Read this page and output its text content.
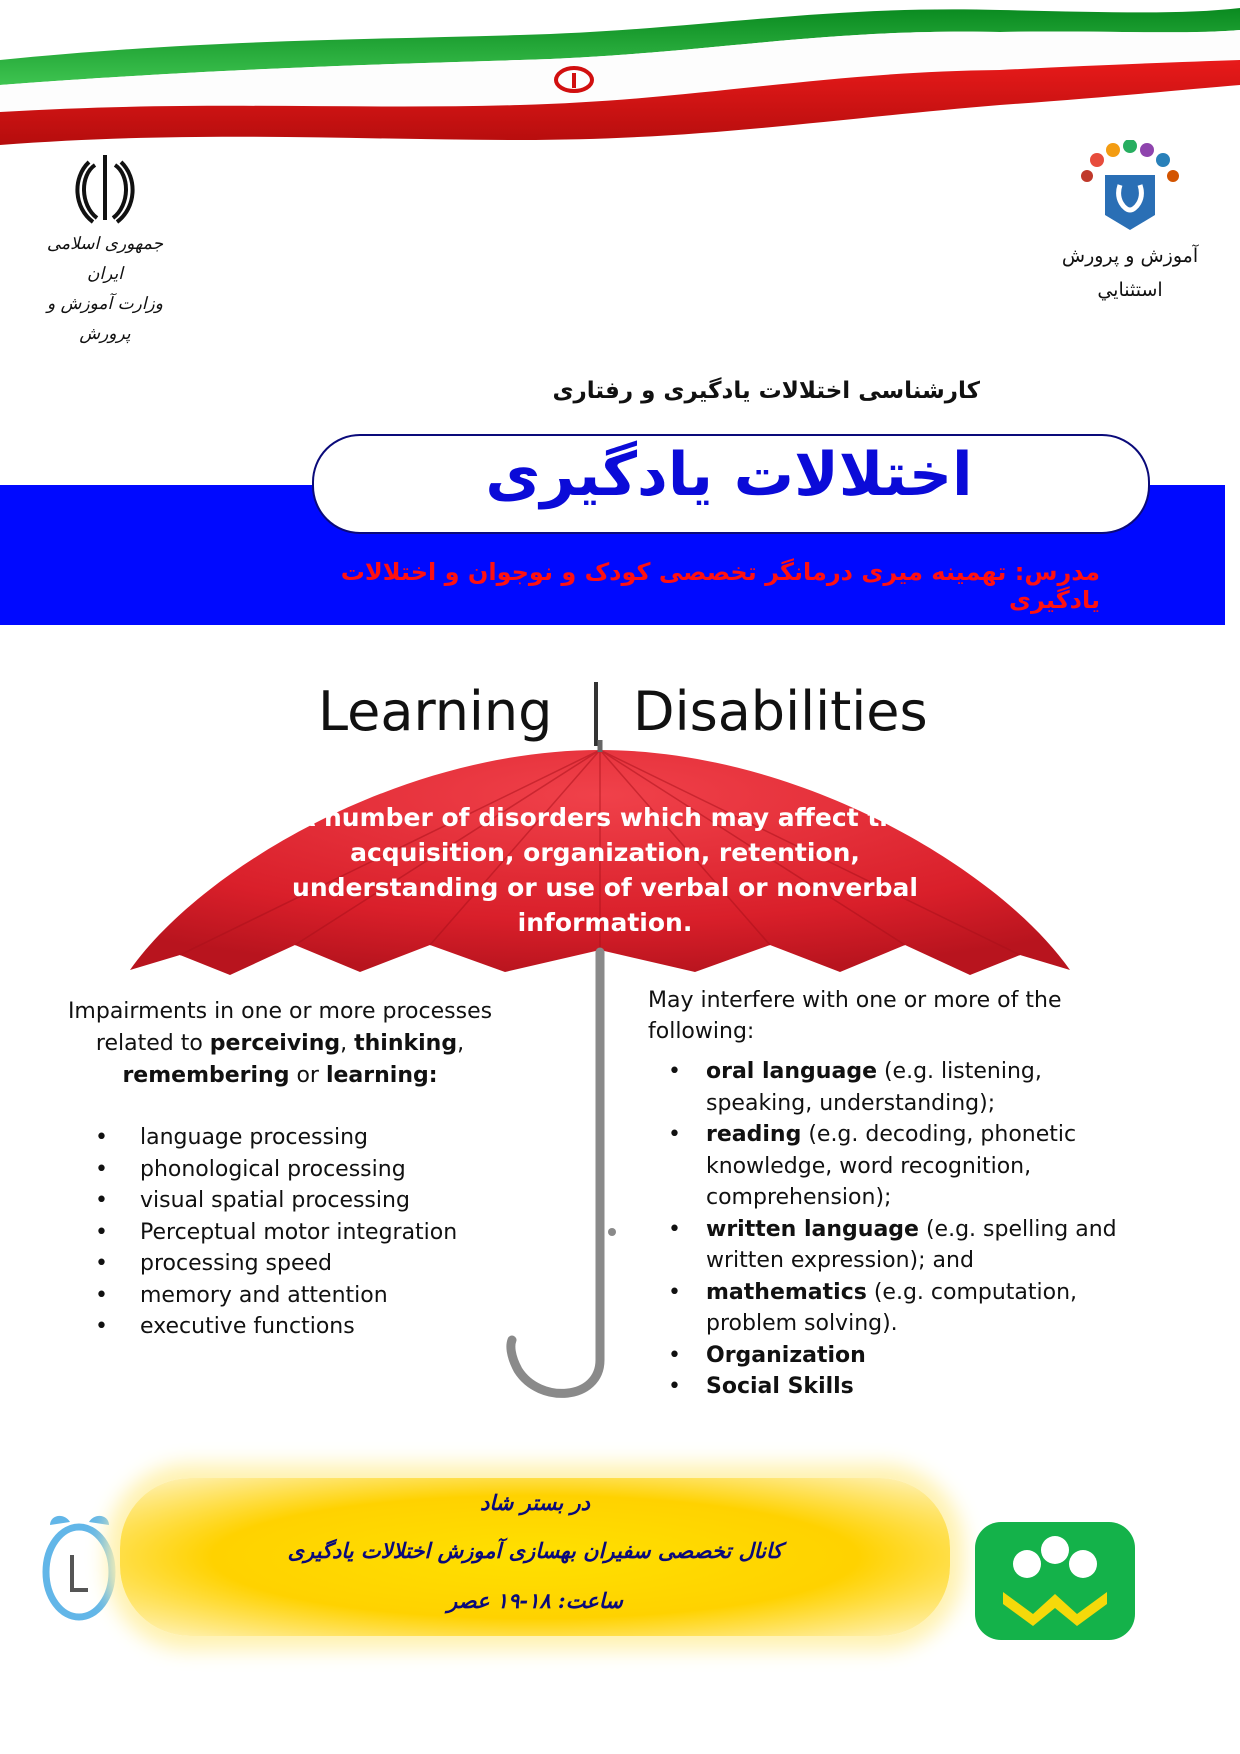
جمهوری اسلامی ایران
وزارت آموزش و پرورش
آموزش و پرورش
استثنايي
کارشناسی اختلالات یادگیری و رفتاری
اختلالات یادگیری
مدرس: تهمینه میری درمانگر تخصصی کودک و نوجوان و اختلالات یادگیری
Learning Disabilities
A number of disorders which may affect the acquisition, organization, retention, understanding or use of verbal or nonverbal information.
Impairments in one or more processes related to perceiving, thinking,
remembering or learning:
• language processing
• phonological processing
• visual spatial processing
• Perceptual motor integration
• processing speed
• memory and attention
• executive functions
May interfere with one or more of the following:
• oral language (e.g. listening, speaking, understanding);
• reading (e.g. decoding, phonetic knowledge, word recognition, comprehension);
• written language (e.g. spelling and written expression); and
• mathematics (e.g. computation, problem solving).
• Organization
• Social Skills
در بستر شاد
کانال تخصصی سفیران بهسازی آموزش اختلالات یادگیری
ساعت: ۱۸-۱۹ عصر
